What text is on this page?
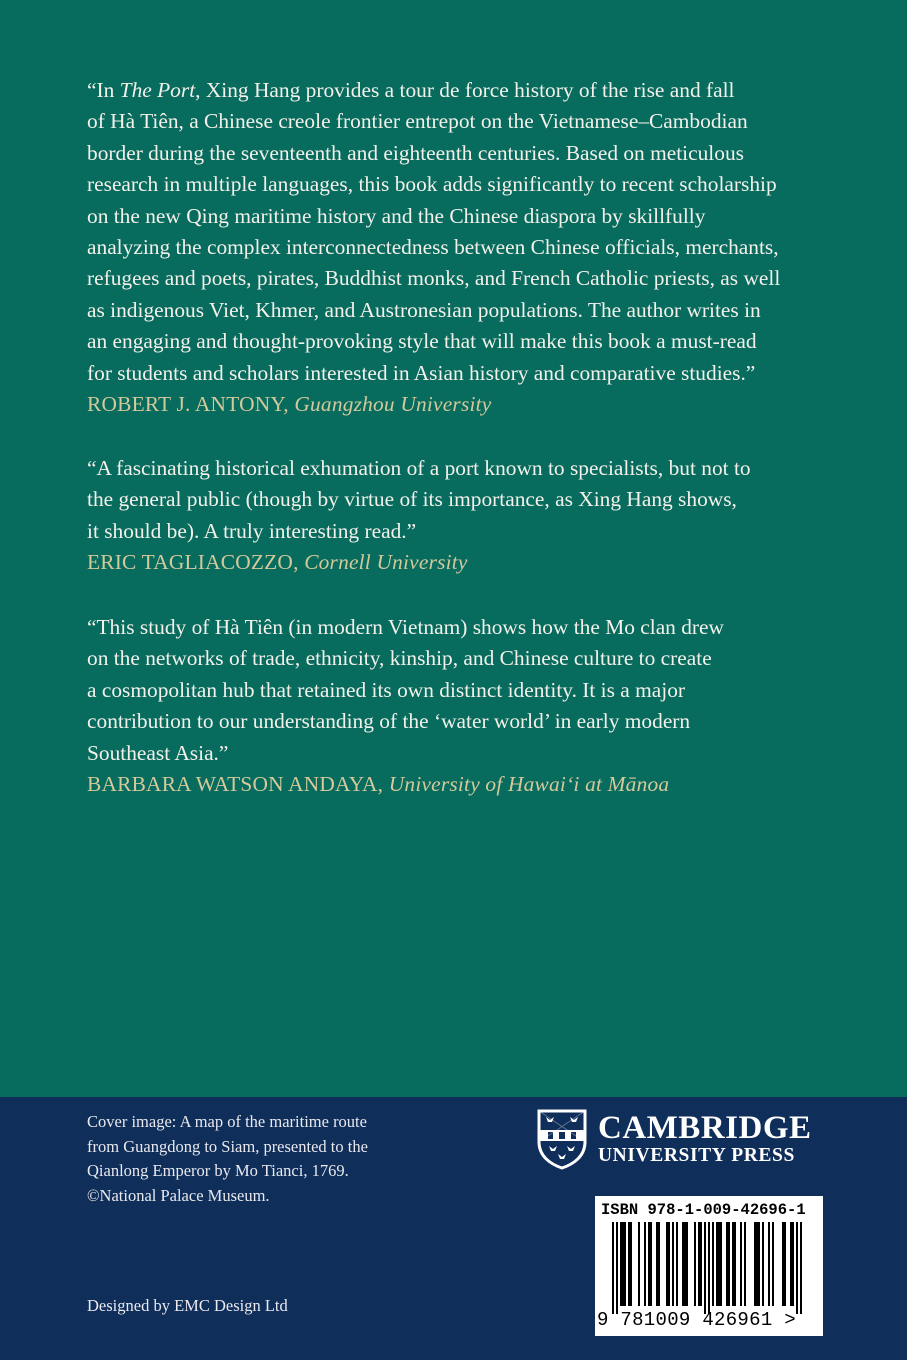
“In The Port, Xing Hang provides a tour de force history of the rise and fall
of Hà Tiên, a Chinese creole frontier entrepot on the Vietnamese–Cambodian
border during the seventeenth and eighteenth centuries. Based on meticulous
research in multiple languages, this book adds significantly to recent scholarship
on the new Qing maritime history and the Chinese diaspora by skillfully
analyzing the complex interconnectedness between Chinese officials, merchants,
refugees and poets, pirates, Buddhist monks, and French Catholic priests, as well
as indigenous Viet, Khmer, and Austronesian populations. The author writes in
an engaging and thought-provoking style that will make this book a must-read
for students and scholars interested in Asian history and comparative studies.”
ROBERT J. ANTONY, Guangzhou University
“A fascinating historical exhumation of a port known to specialists, but not to
the general public (though by virtue of its importance, as Xing Hang shows,
it should be). A truly interesting read.”
ERIC TAGLIACOZZO, Cornell University
“This study of Hà Tiên (in modern Vietnam) shows how the Mo clan drew
on the networks of trade, ethnicity, kinship, and Chinese culture to create
a cosmopolitan hub that retained its own distinct identity. It is a major
contribution to our understanding of the ‘water world’ in early modern
Southeast Asia.”
BARBARA WATSON ANDAYA, University of Hawai‘i at Mānoa
Cover image: A map of the maritime route
from Guangdong to Siam, presented to the
Qianlong Emperor by Mo Tianci, 1769.
©National Palace Museum.
Designed by EMC Design Ltd
CAMBRIDGE
UNIVERSITY PRESS
ISBN 978-1-009-42696-1
9 781009 426961 >
